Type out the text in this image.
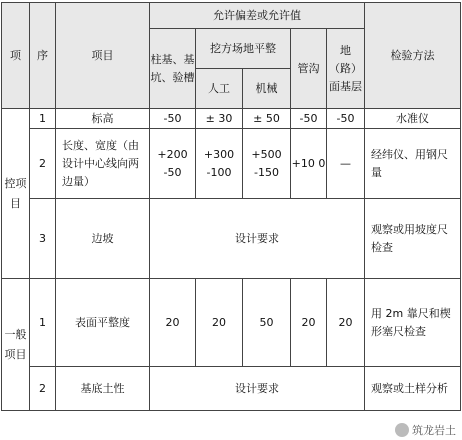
项	序	项目	允许偏差或允许值					检验方法
			柱基、基坑、验槽	挖方场地平整		管沟	地（路）面基层	
				人工	机械			
控项目	1	标高	-50	± 30	± 50	-50	-50	水准仪
	2	长度、宽度（由设计中心线向两边量）	+200 -50	+300 -100	+500 -150	+10 0	—	经纬仪、用钢尺量
	3	边坡	设计要求					观察或用坡度尺检查
一般项目	1	表面平整度	20	20	50	20	20	用 2m 靠尺和楔形塞尺检查
	2	基底土性	设计要求					观察或土样分析
筑龙岩土
